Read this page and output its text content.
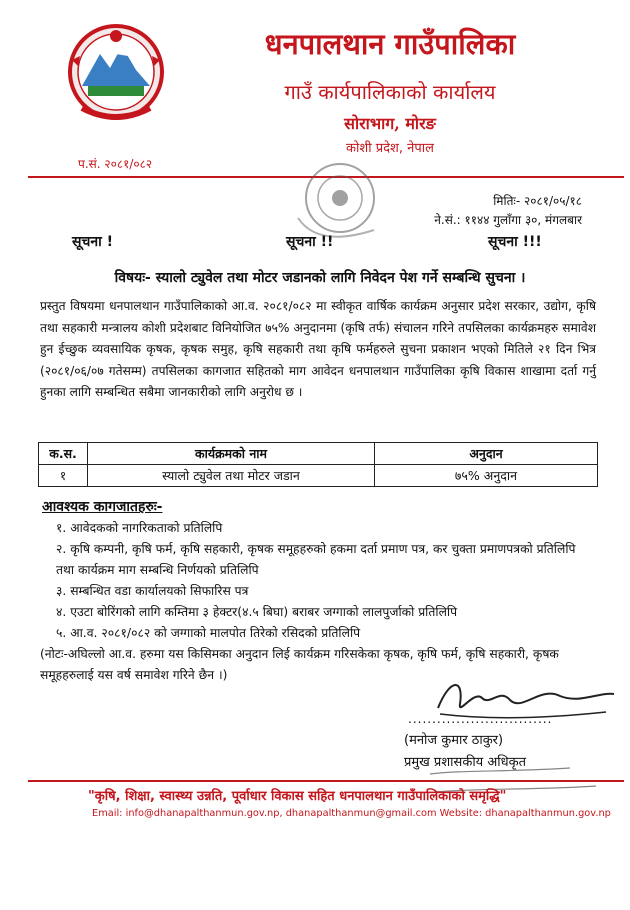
धनपालथान गाउँपालिका
गाउँ कार्यपालिकाको कार्यालय
सोराभाग, मोरङ
कोशी प्रदेश, नेपाल
प.सं. २०८१/०८२
मितिः- २०८१/०५/१८
ने.सं.: ११४४ गुलाँगा ३०, मंगलबार
सूचना !	सूचना !!	सूचना !!!
विषयः- स्यालो ट्युवेल तथा मोटर जडानको लागि निवेदन पेश गर्ने सम्बन्धि सुचना ।
प्रस्तुत विषयमा धनपालथान गाउँपालिकाको आ.व. २०८१/०८२ मा स्वीकृत वार्षिक कार्यक्रम अनुसार प्रदेश सरकार, उद्योग, कृषि तथा सहकारी मन्त्रालय कोशी प्रदेशबाट विनियोजित ७५% अनुदानमा (कृषि तर्फ) संचालन गरिने तपसिलका कार्यक्रमहरु समावेश हुन ईच्छुक व्यवसायिक कृषक, कृषक समुह, कृषि सहकारी तथा कृषि फर्महरुले सुचना प्रकाशन भएको मितिले २१ दिन भित्र (२०८१/०६/०७ गतेसम्म) तपसिलका कागजात सहितको माग आवेदन धनपालथान गाउँपालिका कृषि विकास शाखामा दर्ता गर्नु हुनका लागि सम्बन्धित सबैमा जानकारीको लागि अनुरोध छ ।
क.स.	कार्यक्रमको नाम	अनुदान
१	स्यालो ट्युवेल तथा मोटर जडान	७५% अनुदान
आवश्यक कागजातहरुः-
१. आवेदकको नागरिकताको प्रतिलिपि
२. कृषि कम्पनी, कृषि फर्म, कृषि सहकारी, कृषक समूहहरुको हकमा दर्ता प्रमाण पत्र, कर चुक्ता प्रमाणपत्रको प्रतिलिपि तथा कार्यक्रम माग सम्बन्धि निर्णयको प्रतिलिपि
३. सम्बन्धित वडा कार्यालयको सिफारिस पत्र
४. एउटा बोरिंगको लागि कम्तिमा ३ हेक्टर(४.५ बिघा) बराबर जग्गाको लालपुर्जाको प्रतिलिपि
५. आ.व. २०८१/०८२ को जग्गाको मालपोत तिरेको रसिदको प्रतिलिपि
(नोटः-अघिल्लो आ.व. हरुमा यस किसिमका अनुदान लिई कार्यक्रम गरिसकेका कृषक, कृषि फर्म, कृषि सहकारी, कृषक समूहहरुलाई यस वर्ष समावेश गरिने छैन ।)
..............................
(मनोज कुमार ठाकुर)
प्रमुख प्रशासकीय अधिकृत
"कृषि, शिक्षा, स्वास्थ्य उन्नति, पूर्वाधार विकास सहित धनपालथान गाउँपालिकाको समृद्धि"
Email: info@dhanapalthanmun.gov.np, dhanapalthanmun@gmail.com Website: dhanapalthanmun.gov.np
